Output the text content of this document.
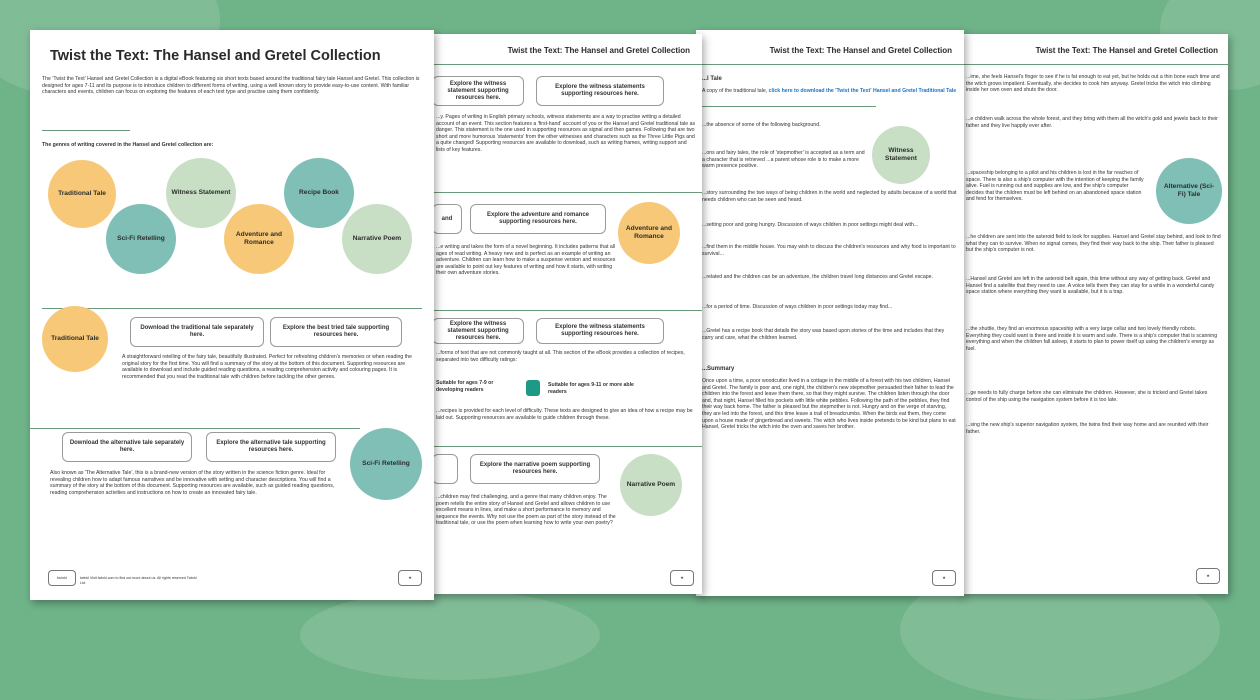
Twist the Text: The Hansel and Gretel Collection
...ime, she feels Hansel's finger to see if he is fat enough to eat yet, but he holds out a thin bone each time and the witch grows impatient. Eventually, she decides to cook him anyway. Gretel tricks the witch into climbing inside her own oven and shuts the door.
...e children walk across the whole forest, and they bring with them all the witch's gold and jewels back to their father and they live happily ever after.
Alternative (Sci-Fi) Tale
...spaceship belonging to a pilot and his children is lost in the far reaches of space. There is also a ship's computer with the intention of keeping the family alive. Fuel is running out and supplies are low, and the ship's computer decides that the children must be left behind on an abandoned space station and fend for themselves.
...he children are sent into the asteroid field to look for supplies. Hansel and Gretel stay behind, and look to find what they can to survive. When no signal comes, they find their way back to the ship. Their father is pleased but the ship's computer is not.
...Hansel and Gretel are left in the asteroid belt again, this time without any way of getting back. Gretel and Hansel find a satellite that they need to use. A voice tells them they can stay for a while in a wonderful candy space station where everything they want is available, but it is a trap.
...the shuttle, they find an enormous spaceship with a very large cellar and two lovely friendly robots. Everything they could want is there and inside it is warm and safe. There is a ship's computer that is scanning everything and when the children fall asleep, it starts to plan to power itself up using the children's energy as fuel.
...ge needs to fully charge before she can eliminate the children. However, she is tricked and Gretel takes control of the ship using the navigation system before it is too late.
...sing the new ship's superior navigation system, the twins find their way home and are reunited with their father.
★
Twist the Text: The Hansel and Gretel Collection
...l Tale
A copy of the traditional tale, click here to download the 'Twist the Text' Hansel and Gretel Traditional Tale
...the absence of some of the following background.
Witness Statement
...ons and fairy tales, the role of 'stepmother' is accepted as a term and a character that is retrieved ...a parent whose role is to make a more warm presence positive.
...story surrounding the two ways of being children in the world and neglected by adults because of a world that needs children who can be seen and heard.
...setting poor and going hungry. Discussion of ways children in poor settings might deal with...
...find them in the middle house. You may wish to discuss the children's resources and why food is important to survival...
...related and the children can be an adventure, the children travel long distances and Gretel escape.
...for a period of time. Discussion of ways children in poor settings today may find...
...Gretel has a recipe book that details the story was based upon stories of the time and includes that they carry and care, what the children learned.
...Summary
Once upon a time, a poor woodcutter lived in a cottage in the middle of a forest with his two children, Hansel and Gretel. The family is poor and, one night, the children's new stepmother persuaded their father to lead the children into the forest and leave them there, so that they might survive. The children listen through the door and, that night, Hansel filled his pockets with little white pebbles. Following the path of the pebbles, they find their way back home. The father is pleased but the stepmother is not. Hungry and on the verge of starving, they are led into the forest, and this time leave a trail of breadcrumbs. When the birds eat them, they come upon a house made of gingerbread and sweets. The witch who lives inside pretends to be kind but plans to eat Hansel, Gretel tricks the witch into the oven and saves her brother.
★
Twist the Text: The Hansel and Gretel Collection
Explore the witness statement supporting resources here.
Explore the witness statements supporting resources here.
...y. Pages of writing in English primary schools, witness statements are a way to practise writing a detailed account of an event. This section features a 'first-hand' account of you or the Hansel and Gretel traditional tale as danger. This statement is the one used in supporting resources as signal and then games. Following that are two short and more humorous 'statements' from the other witnesses and characters such as the Three Little Pigs and a quite changed! Supporting resources are available to download, such as writing frames, writing support and lists of key features.
and
Explore the adventure and romance supporting resources here.
Adventure and Romance
...e writing and takes the form of a novel beginning. It includes patterns that all ages of read writing. A heavy new and is perfect as an example of writing an adventure. Children can learn how to make a suspense version and resources are available to point out key features of writing and how it starts, with writing their own adventure stories.
Explore the witness statement supporting resources here.
Explore the witness statements supporting resources here.
...forms of text that are not commonly taught at all. This section of the eBook provides a collection of recipes, separated into two difficulty ratings:
Suitable for ages 7-9 or developing readers
Suitable for ages 9-11 or more able readers
...recipes is provided for each level of difficulty. These texts are designed to give an idea of how a recipe may be laid out. Supporting resources are available to guide children through these.
Explore the narrative poem supporting resources here.
Narrative Poem
...children may find challenging, and a genre that many children enjoy. The poem retells the entire story of Hansel and Gretel and allows children to use excellent means in lines, and make a short performance to memory and sequence the events. Why not use the poem as part of the story instead of the traditional tale, or use the poem when learning how to write your own poetry?
★
Twist the Text: The Hansel and Gretel Collection
The 'Twist the Text' Hansel and Gretel Collection is a digital eBook featuring six short texts based around the traditional fairy tale Hansel and Gretel. This collection is designed for ages 7-11 and its purpose is to introduce children to different forms of writing, using a well known story to provide easy-to-use content. With familiar characters and events, children can focus on exploring the features of each text type and practise using them confidently.
The genres of writing covered in the Hansel and Gretel collection are:
Traditional Tale
Sci-Fi Retelling
Witness Statement
Adventure and Romance
Recipe Book
Narrative Poem
Traditional Tale
Download the traditional tale separately here.
Explore the best tried tale supporting resources here.
A straightforward retelling of the fairy tale, beautifully illustrated. Perfect for refreshing children's memories or when reading the original story for the first time. You will find a summary of the story at the bottom of this document. Supporting resources are available to download and include guided reading questions, a reading comprehension activity and colouring pages. It is recommended that you read the traditional tale with children before tackling the other genres.
Download the alternative tale separately here.
Explore the alternative tale supporting resources here.
Sci-Fi Retelling
Also known as 'The Alternative Tale', this is a brand-new version of the story written in the science fiction genre. Ideal for revealing children how to adapt famous narratives and be innovative with setting and character descriptions. You will find a summary of the story at the bottom of this document. Supporting resources are available, such as guided reading questions, reading comprehension activities and instructions on how to create an innovated fairy tale.
twinkl	twinkl Visit twinkl.com to find out more about us. All rights reserved Twinkl Ltd.
★
